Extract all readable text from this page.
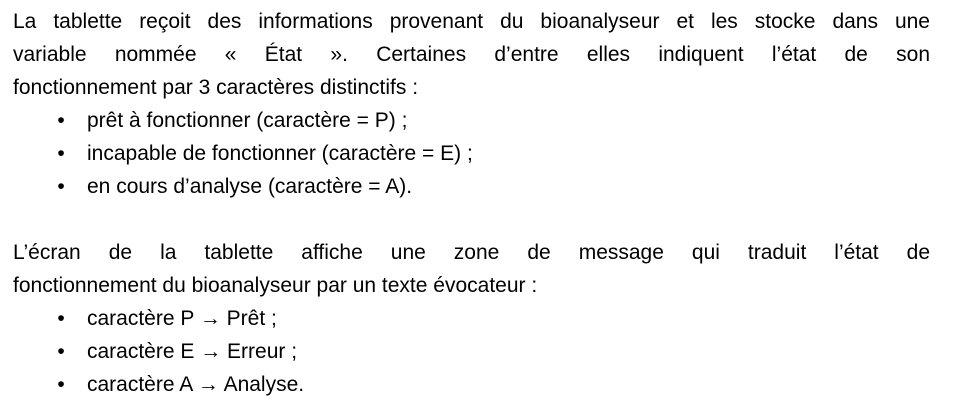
La tablette reçoit des informations provenant du bioanalyseur et les stocke dans une
variable nommée « État ». Certaines d’entre elles indiquent l’état de son
fonctionnement par 3 caractères distinctifs :

• prêt à fonctionner (caractère = P) ;
• incapable de fonctionner (caractère = E) ;
• en cours d’analyse (caractère = A).

L’écran de la tablette affiche une zone de message qui traduit l’état de
fonctionnement du bioanalyseur par un texte évocateur :

• caractère P → Prêt ;
• caractère E → Erreur ;
• caractère A → Analyse.
